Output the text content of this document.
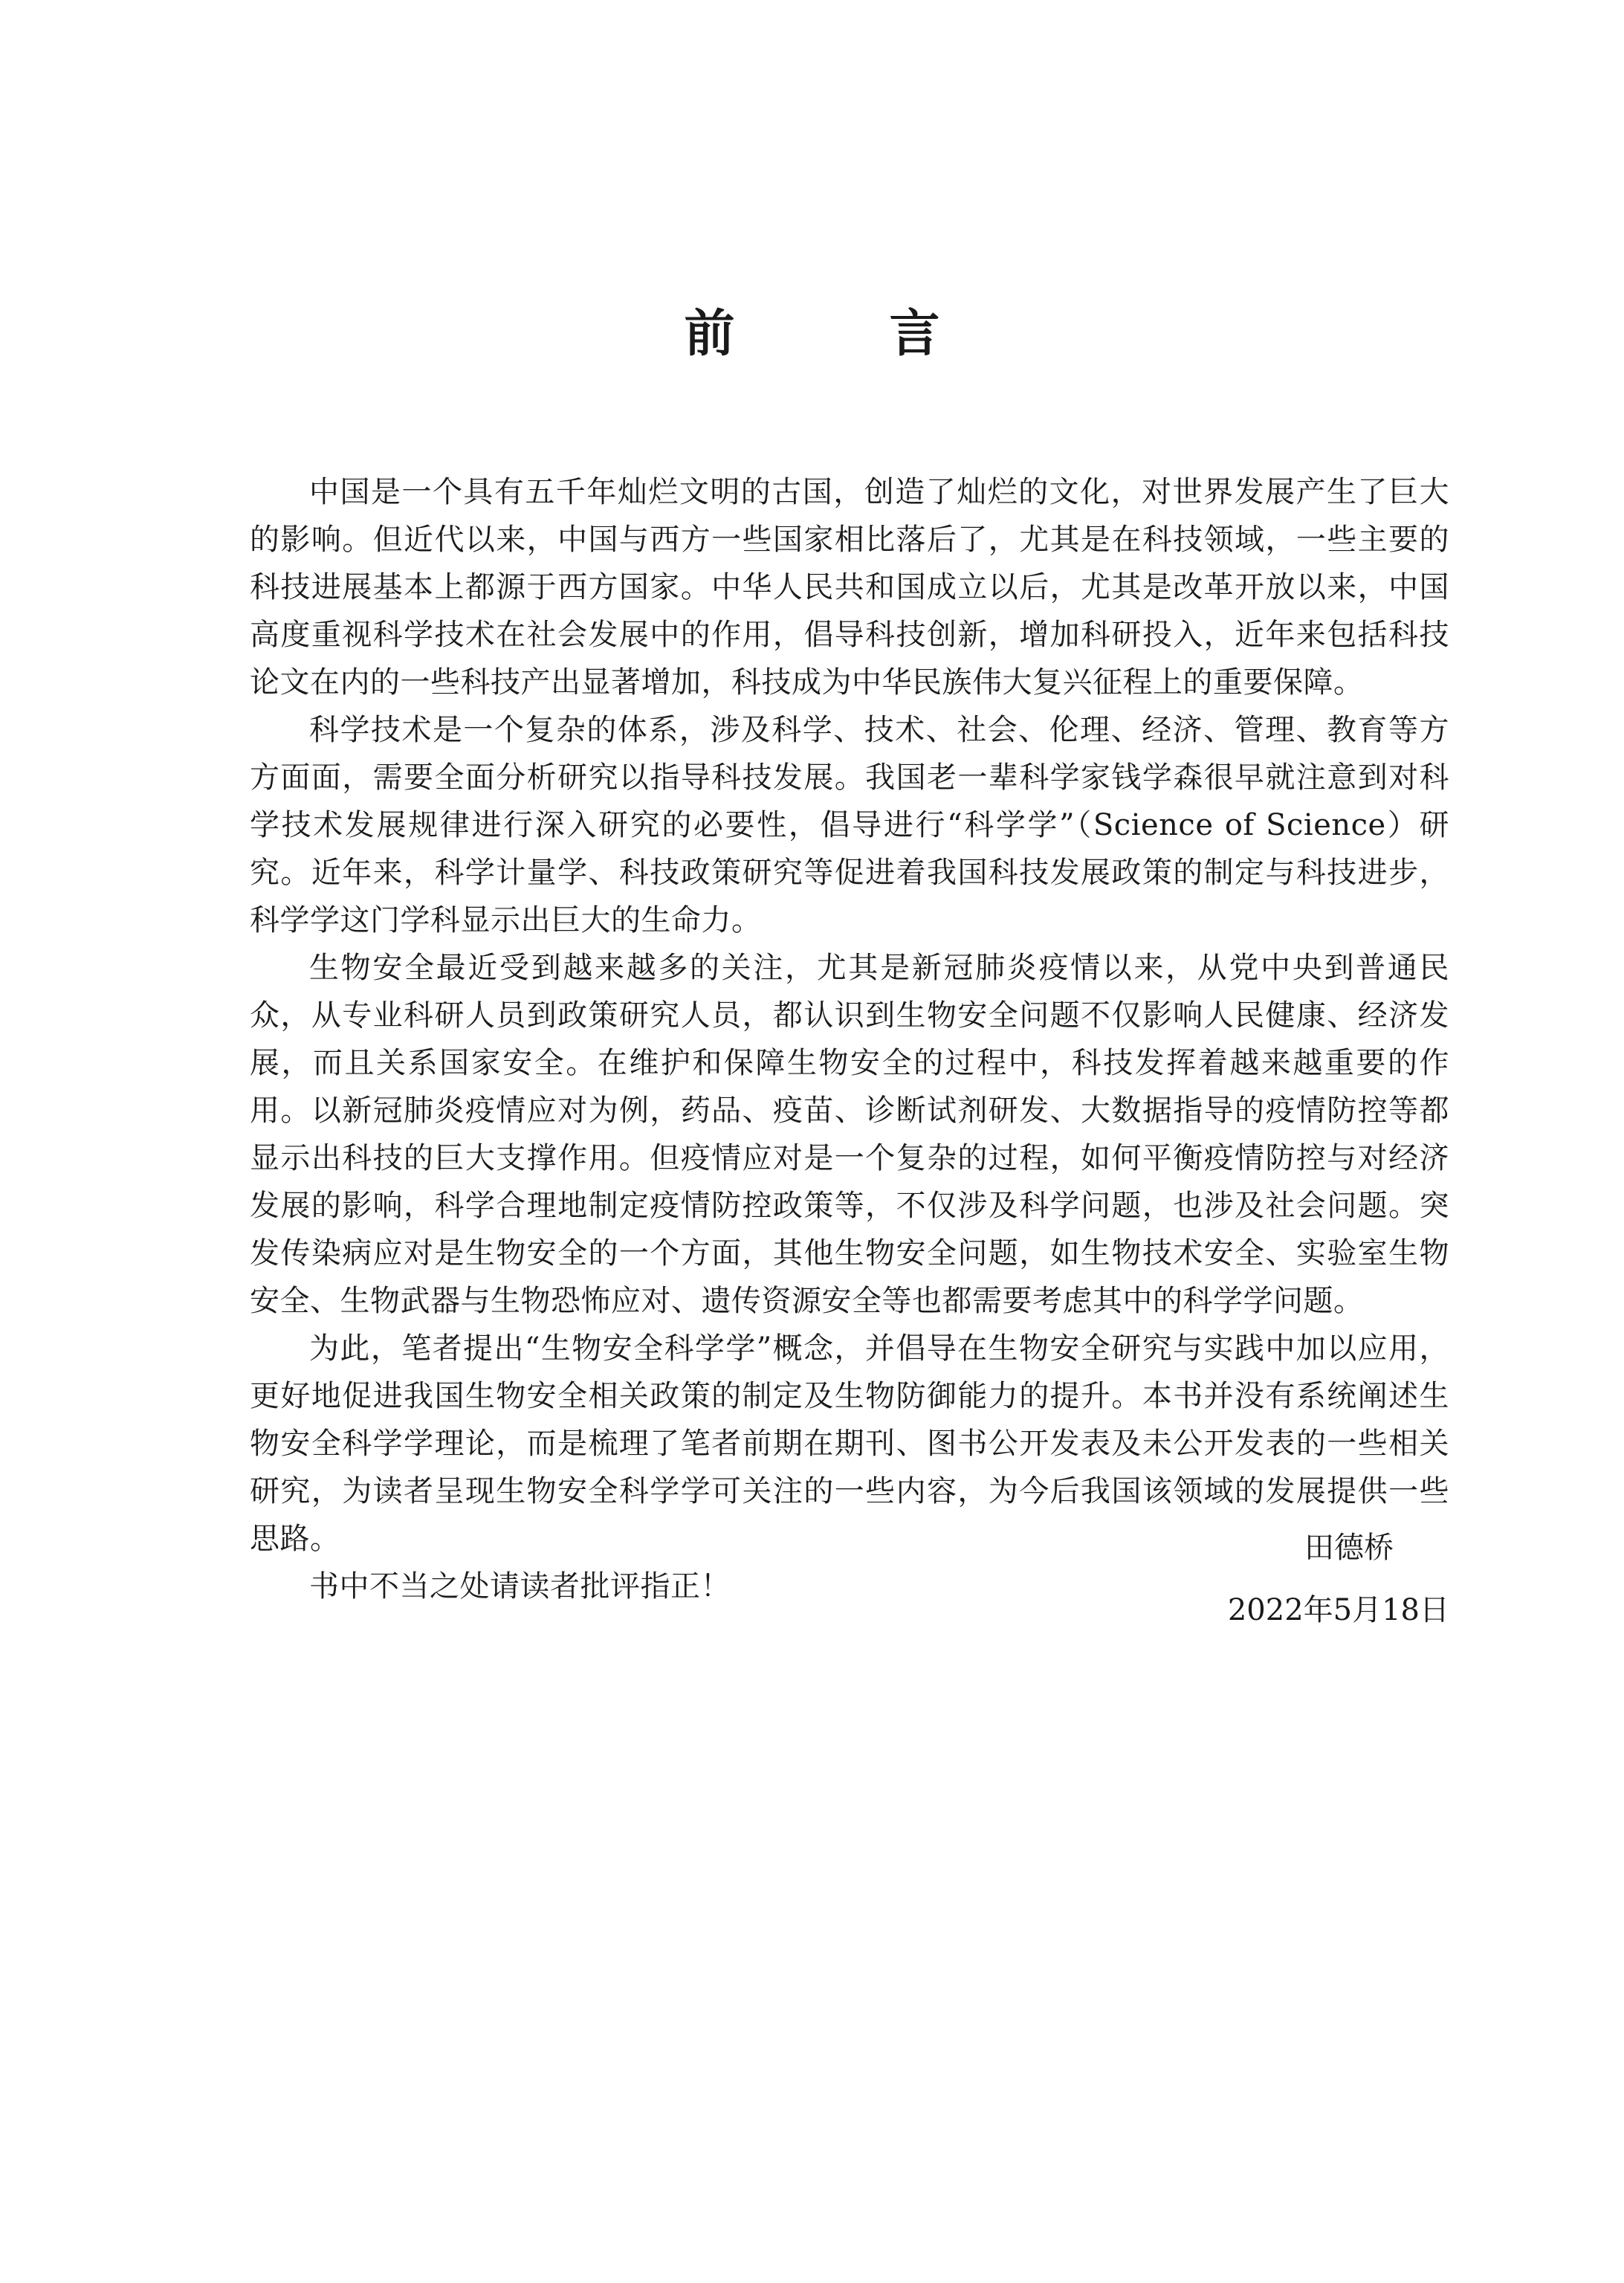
前　言

中国是一个具有五千年灿烂文明的古国，创造了灿烂的文化，对世界发展产生了巨大的影响。但近代以来，中国与西方一些国家相比落后了，尤其是在科技领域，一些主要的科技进展基本上都源于西方国家。中华人民共和国成立以后，尤其是改革开放以来，中国高度重视科学技术在社会发展中的作用，倡导科技创新，增加科研投入，近年来包括科技论文在内的一些科技产出显著增加，科技成为中华民族伟大复兴征程上的重要保障。

科学技术是一个复杂的体系，涉及科学、技术、社会、伦理、经济、管理、教育等方方面面，需要全面分析研究以指导科技发展。我国老一辈科学家钱学森很早就注意到对科学技术发展规律进行深入研究的必要性，倡导进行“科学学”（Science of Science）研究。近年来，科学计量学、科技政策研究等促进着我国科技发展政策的制定与科技进步，科学学这门学科显示出巨大的生命力。

生物安全最近受到越来越多的关注，尤其是新冠肺炎疫情以来，从党中央到普通民众，从专业科研人员到政策研究人员，都认识到生物安全问题不仅影响人民健康、经济发展，而且关系国家安全。在维护和保障生物安全的过程中，科技发挥着越来越重要的作用。以新冠肺炎疫情应对为例，药品、疫苗、诊断试剂研发、大数据指导的疫情防控等都显示出科技的巨大支撑作用。但疫情应对是一个复杂的过程，如何平衡疫情防控与对经济发展的影响，科学合理地制定疫情防控政策等，不仅涉及科学问题，也涉及社会问题。突发传染病应对是生物安全的一个方面，其他生物安全问题，如生物技术安全、实验室生物安全、生物武器与生物恐怖应对、遗传资源安全等也都需要考虑其中的科学学问题。

为此，笔者提出“生物安全科学学”概念，并倡导在生物安全研究与实践中加以应用，更好地促进我国生物安全相关政策的制定及生物防御能力的提升。本书并没有系统阐述生物安全科学学理论，而是梳理了笔者前期在期刊、图书公开发表及未公开发表的一些相关研究，为读者呈现生物安全科学学可关注的一些内容，为今后我国该领域的发展提供一些思路。

书中不当之处请读者批评指正！

田德桥
2022年5月18日
